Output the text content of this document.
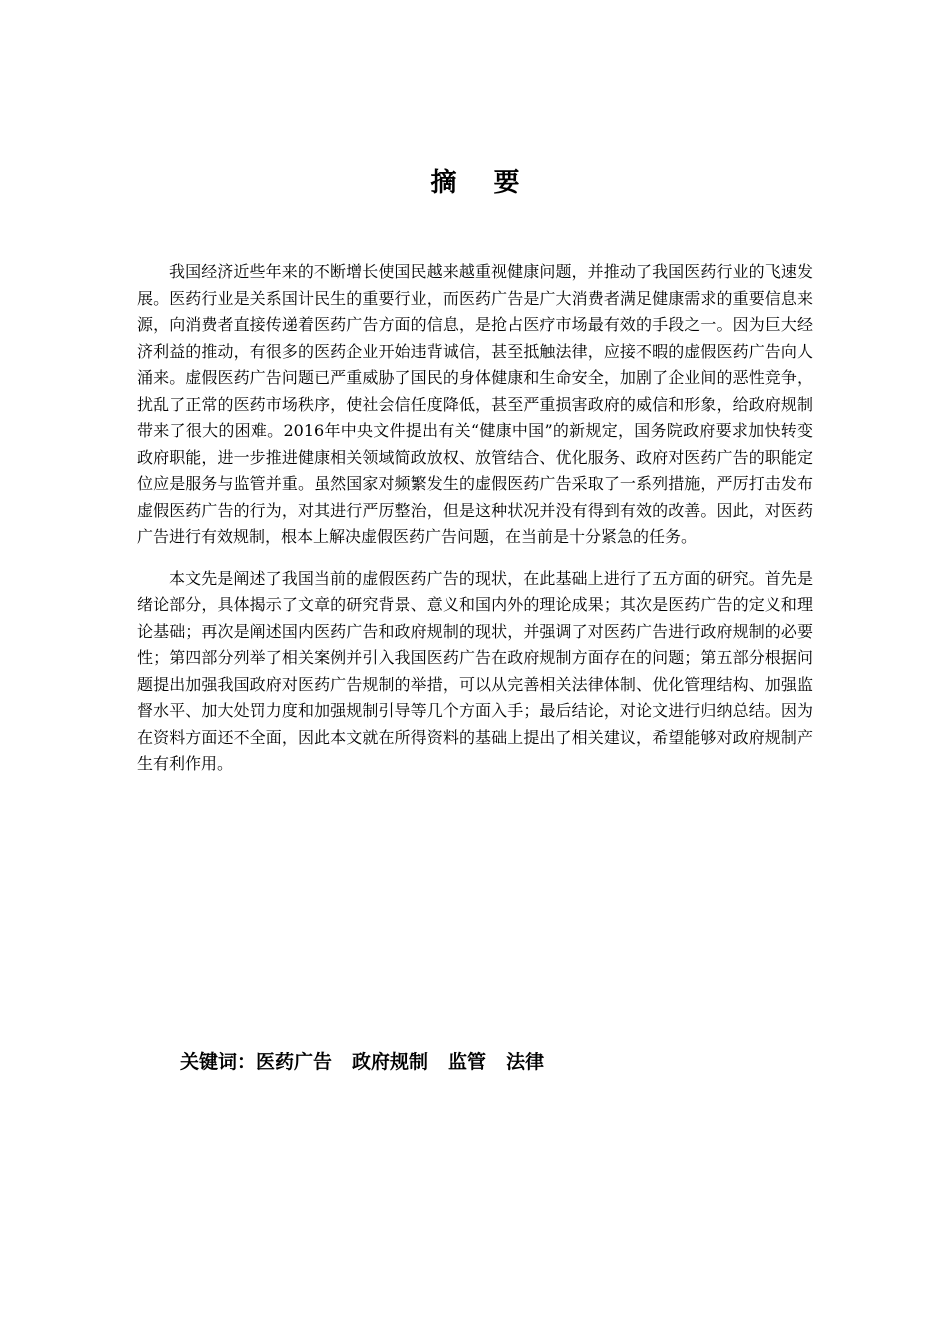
摘 要

我国经济近些年来的不断增长使国民越来越重视健康问题，并推动了我国医药行业的飞速发展。医药行业是关系国计民生的重要行业，而医药广告是广大消费者满足健康需求的重要信息来源，向消费者直接传递着医药广告方面的信息，是抢占医疗市场最有效的手段之一。因为巨大经济利益的推动，有很多的医药企业开始违背诚信，甚至抵触法律，应接不暇的虚假医药广告向人涌来。虚假医药广告问题已严重威胁了国民的身体健康和生命安全，加剧了企业间的恶性竞争，扰乱了正常的医药市场秩序，使社会信任度降低，甚至严重损害政府的威信和形象，给政府规制带来了很大的困难。2016年中央文件提出有关“健康中国”的新规定，国务院政府要求加快转变政府职能，进一步推进健康相关领域简政放权、放管结合、优化服务、政府对医药广告的职能定位应是服务与监管并重。虽然国家对频繁发生的虚假医药广告采取了一系列措施，严厉打击发布虚假医药广告的行为，对其进行严厉整治，但是这种状况并没有得到有效的改善。因此，对医药广告进行有效规制，根本上解决虚假医药广告问题，在当前是十分紧急的任务。

本文先是阐述了我国当前的虚假医药广告的现状，在此基础上进行了五方面的研究。首先是绪论部分，具体揭示了文章的研究背景、意义和国内外的理论成果；其次是医药广告的定义和理论基础；再次是阐述国内医药广告和政府规制的现状，并强调了对医药广告进行政府规制的必要性；第四部分列举了相关案例并引入我国医药广告在政府规制方面存在的问题；第五部分根据问题提出加强我国政府对医药广告规制的举措，可以从完善相关法律体制、优化管理结构、加强监督水平、加大处罚力度和加强规制引导等几个方面入手；最后结论，对论文进行归纳总结。因为在资料方面还不全面，因此本文就在所得资料的基础上提出了相关建议，希望能够对政府规制产生有利作用。

关键词：医药广告 政府规制 监管 法律
